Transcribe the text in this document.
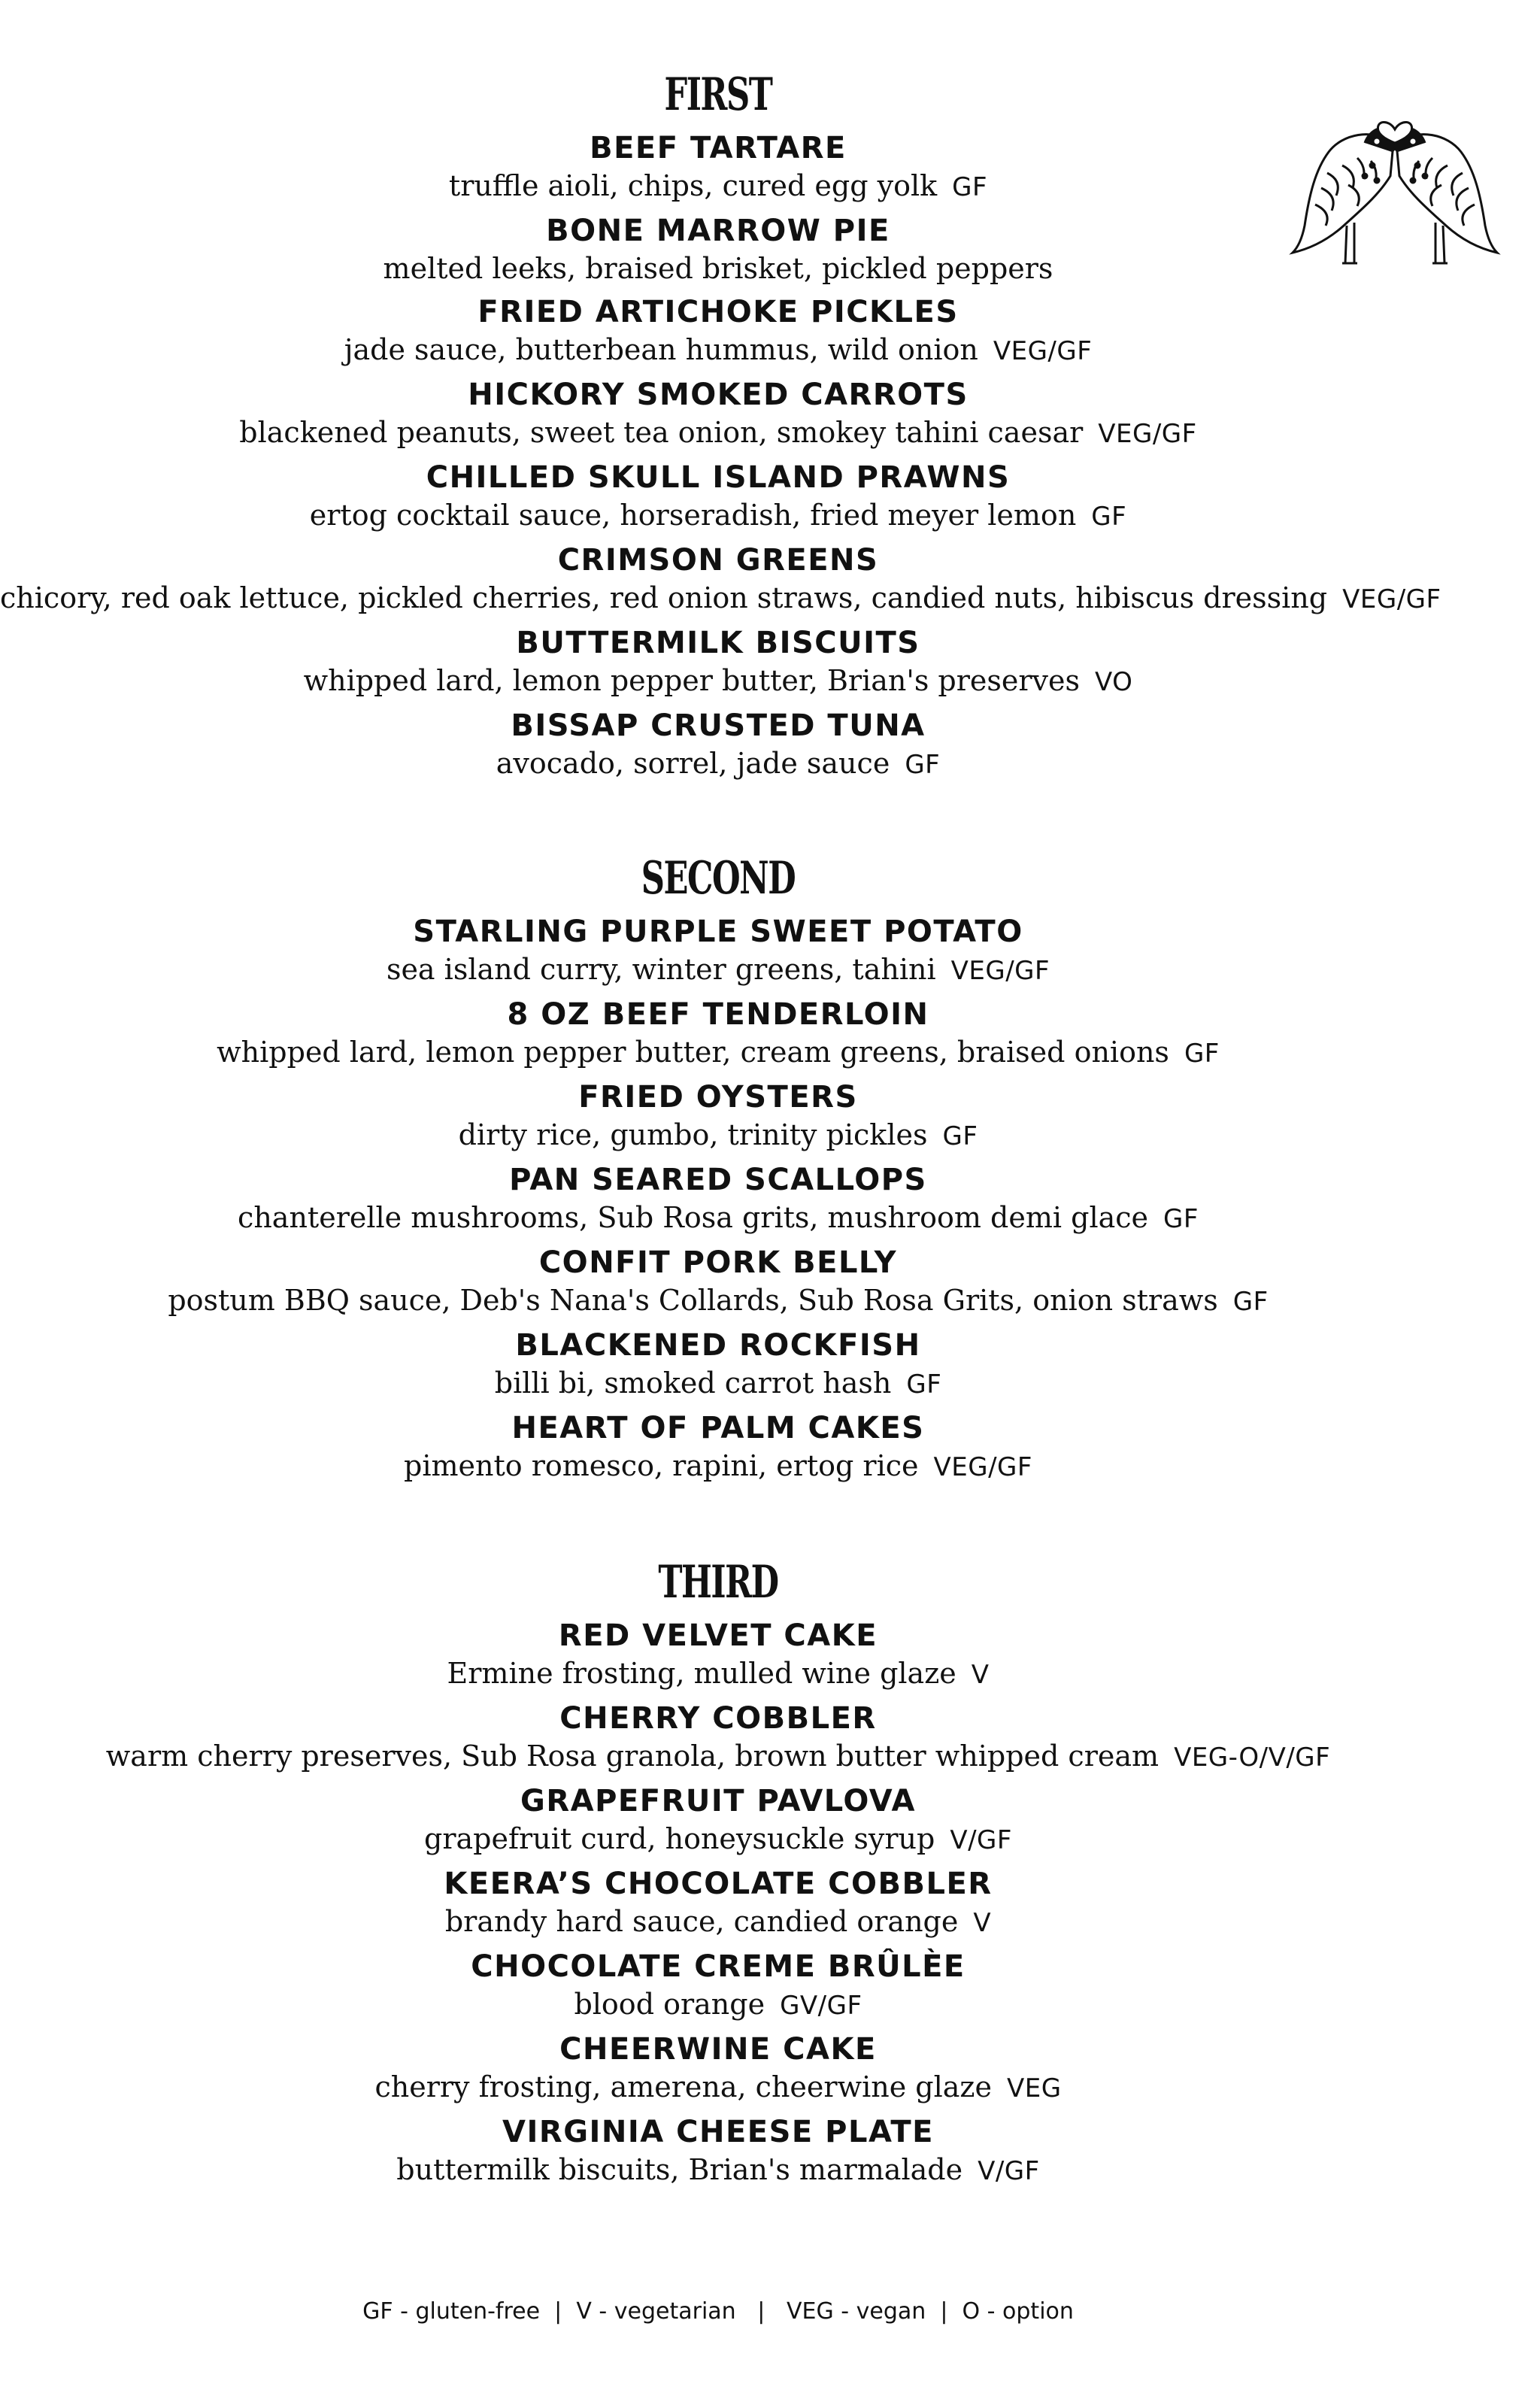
FIRST
BEEF TARTARE
truffle aioli, chips, cured egg yolk GF
BONE MARROW PIE
melted leeks, braised brisket, pickled peppers
FRIED ARTICHOKE PICKLES
jade sauce, butterbean hummus, wild onion VEG/GF
HICKORY SMOKED CARROTS
blackened peanuts, sweet tea onion, smokey tahini caesar VEG/GF
CHILLED SKULL ISLAND PRAWNS
ertog cocktail sauce, horseradish, fried meyer lemon GF
CRIMSON GREENS
chicory, red oak lettuce, pickled cherries, red onion straws, candied nuts, hibiscus dressing VEG/GF
BUTTERMILK BISCUITS
whipped lard, lemon pepper butter, Brian's preserves VO
BISSAP CRUSTED TUNA
avocado, sorrel, jade sauce GF
SECOND
STARLING PURPLE SWEET POTATO
sea island curry, winter greens, tahini VEG/GF
8 OZ BEEF TENDERLOIN
whipped lard, lemon pepper butter, cream greens, braised onions GF
FRIED OYSTERS
dirty rice, gumbo, trinity pickles GF
PAN SEARED SCALLOPS
chanterelle mushrooms, Sub Rosa grits, mushroom demi glace GF
CONFIT PORK BELLY
postum BBQ sauce, Deb's Nana's Collards, Sub Rosa Grits, onion straws GF
BLACKENED ROCKFISH
billi bi, smoked carrot hash GF
HEART OF PALM CAKES
pimento romesco, rapini, ertog rice VEG/GF
THIRD
RED VELVET CAKE
Ermine frosting, mulled wine glaze V
CHERRY COBBLER
warm cherry preserves, Sub Rosa granola, brown butter whipped cream VEG-O/V/GF
GRAPEFRUIT PAVLOVA
grapefruit curd, honeysuckle syrup V/GF
KEERA’S CHOCOLATE COBBLER
brandy hard sauce, candied orange V
CHOCOLATE CREME BRÛLÈE
blood orange GV/GF
CHEERWINE CAKE
cherry frosting, amerena, cheerwine glaze VEG
VIRGINIA CHEESE PLATE
buttermilk biscuits, Brian's marmalade V/GF
GF - gluten-free  |  V - vegetarian   |   VEG - vegan  |  O - option
